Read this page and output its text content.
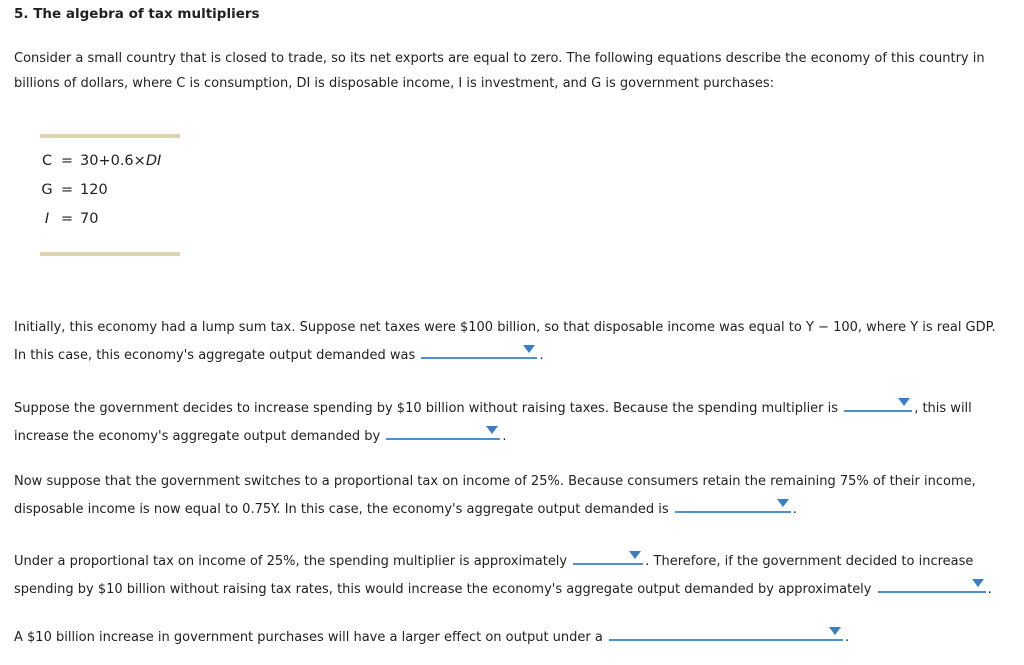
5. The algebra of tax multipliers
Consider a small country that is closed to trade, so its net exports are equal to zero. The following equations describe the economy of this country in
billions of dollars, where C is consumption, DI is disposable income, I is investment, and G is government purchases:
C = 30+0.6×DI
G = 120
I = 70
Initially, this economy had a lump sum tax. Suppose net taxes were $100 billion, so that disposable income was equal to Y − 100, where Y is real GDP.
In this case, this economy's aggregate output demanded was	.
Suppose the government decides to increase spending by $10 billion without raising taxes. Because the spending multiplier is	, this will
increase the economy's aggregate output demanded by	.
Now suppose that the government switches to a proportional tax on income of 25%. Because consumers retain the remaining 75% of their income,
disposable income is now equal to 0.75Y. In this case, the economy's aggregate output demanded is	.
Under a proportional tax on income of 25%, the spending multiplier is approximately	. Therefore, if the government decided to increase
spending by $10 billion without raising tax rates, this would increase the economy's aggregate output demanded by approximately	.
A $10 billion increase in government purchases will have a larger effect on output under a	.
